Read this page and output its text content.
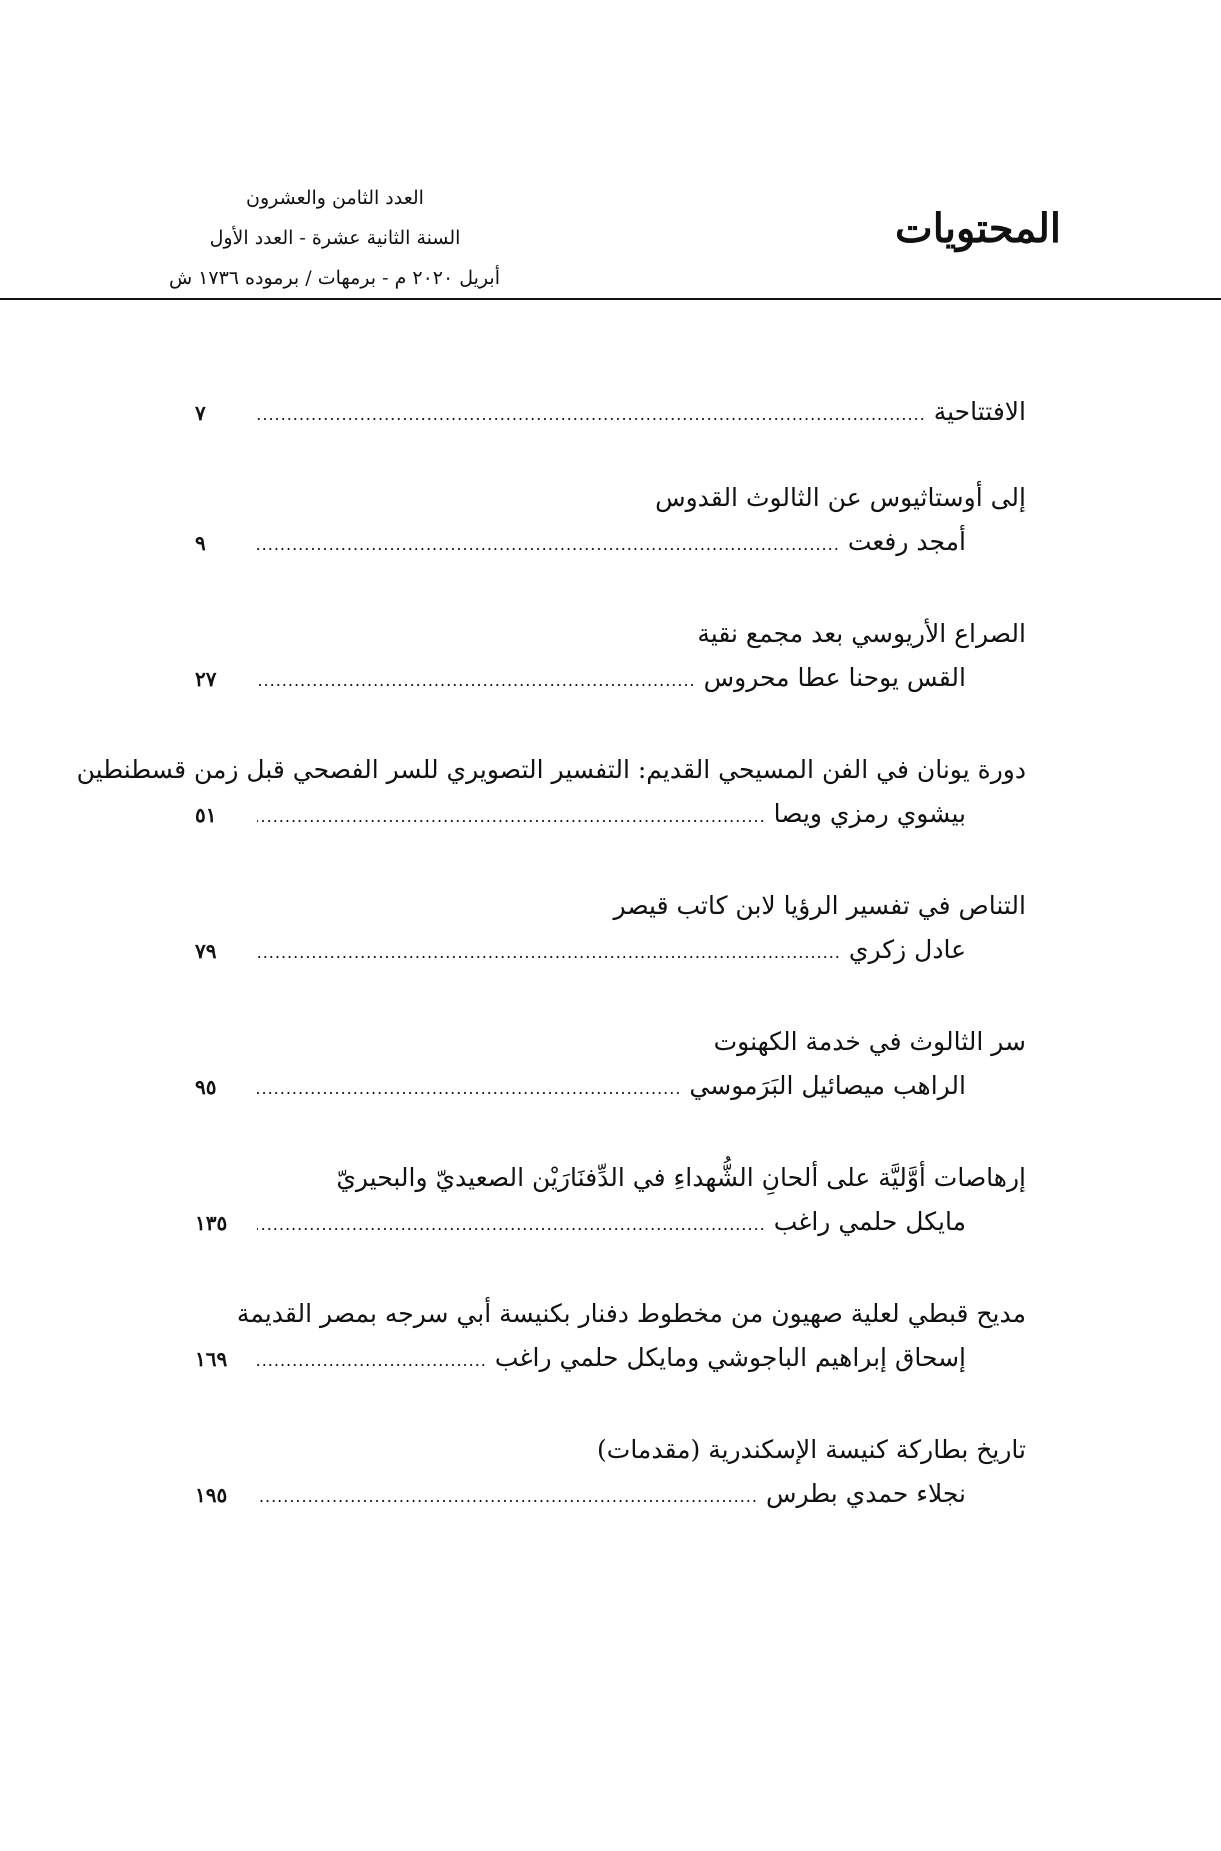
المحتويات
العدد الثامن والعشرون
السنة الثانية عشرة - العدد الأول
أبريل ٢٠٢٠ م - برمهات / برموده ١٧٣٦ ش
الافتتاحية
.....
٧
إلى أوستاثيوس عن الثالوث القدوس
أمجد رفعت
.....
٩
الصراع الأريوسي بعد مجمع نقية
القس يوحنا عطا محروس
.....
٢٧
دورة يونان في الفن المسيحي القديم: التفسير التصويري للسر الفصحي قبل زمن قسطنطين
بيشوي رمزي ويصا
.....
٥١
التناص في تفسير الرؤيا لابن كاتب قيصر
عادل زكري
.....
٧٩
سر الثالوث في خدمة الكهنوت
الراهب ميصائيل البَرَموسي
.....
٩٥
إرهاصات أوَّليَّة على ألحانِ الشُّهداءِ في الدِّفنَارَيْن الصعيديّ والبحيريّ
مايكل حلمي راغب
.....
١٣٥
مديح قبطي لعلية صهيون من مخطوط دفنار بكنيسة أبي سرجه بمصر القديمة
إسحاق إبراهيم الباجوشي ومايكل حلمي راغب
.....
١٦٩
تاريخ بطاركة كنيسة الإسكندرية (مقدمات)
نجلاء حمدي بطرس
.....
١٩٥
